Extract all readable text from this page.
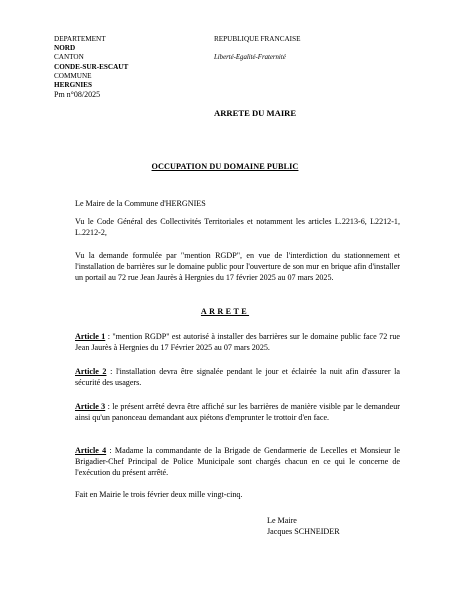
DEPARTEMENT
NORD
CANTON
CONDE-SUR-ESCAUT
COMMUNE
HERGNIES
Pm n°08/2025
REPUBLIQUE FRANCAISE
Liberté-Egalité-Fraternité
ARRETE DU MAIRE
OCCUPATION DU DOMAINE PUBLIC
Le Maire de la Commune d'HERGNIES

Vu le Code Général des Collectivités Territoriales et notamment les articles L.2213-6, L2212-1, L.2212-2,

Vu la demande formulée par "mention RGDP", en vue de l'interdiction du stationnement et l'installation de barrières sur le domaine public pour l'ouverture de son mur en brique afin d'installer un portail au 72 rue Jean Jaurès à Hergnies du 17 février 2025 au 07 mars 2025.

ARRETE

Article 1 : "mention RGDP" est autorisé à installer des barrières sur le domaine public face 72 rue Jean Jaurès à Hergnies du 17 Février 2025 au 07 mars 2025.

Article 2 : l'installation devra être signalée pendant le jour et éclairée la nuit afin d'assurer la sécurité des usagers.

Article 3 : le présent arrêté devra être affiché sur les barrières de manière visible par le demandeur ainsi qu'un panonceau demandant aux piétons d'emprunter le trottoir d'en face.

Article 4 : Madame la commandante de la Brigade de Gendarmerie de Lecelles et Monsieur le Brigadier-Chef Principal de Police Municipale sont chargés chacun en ce qui le concerne de l'exécution du présent arrêté.

Fait en Mairie le trois février deux mille vingt-cinq.
Le Maire
Jacques SCHNEIDER
